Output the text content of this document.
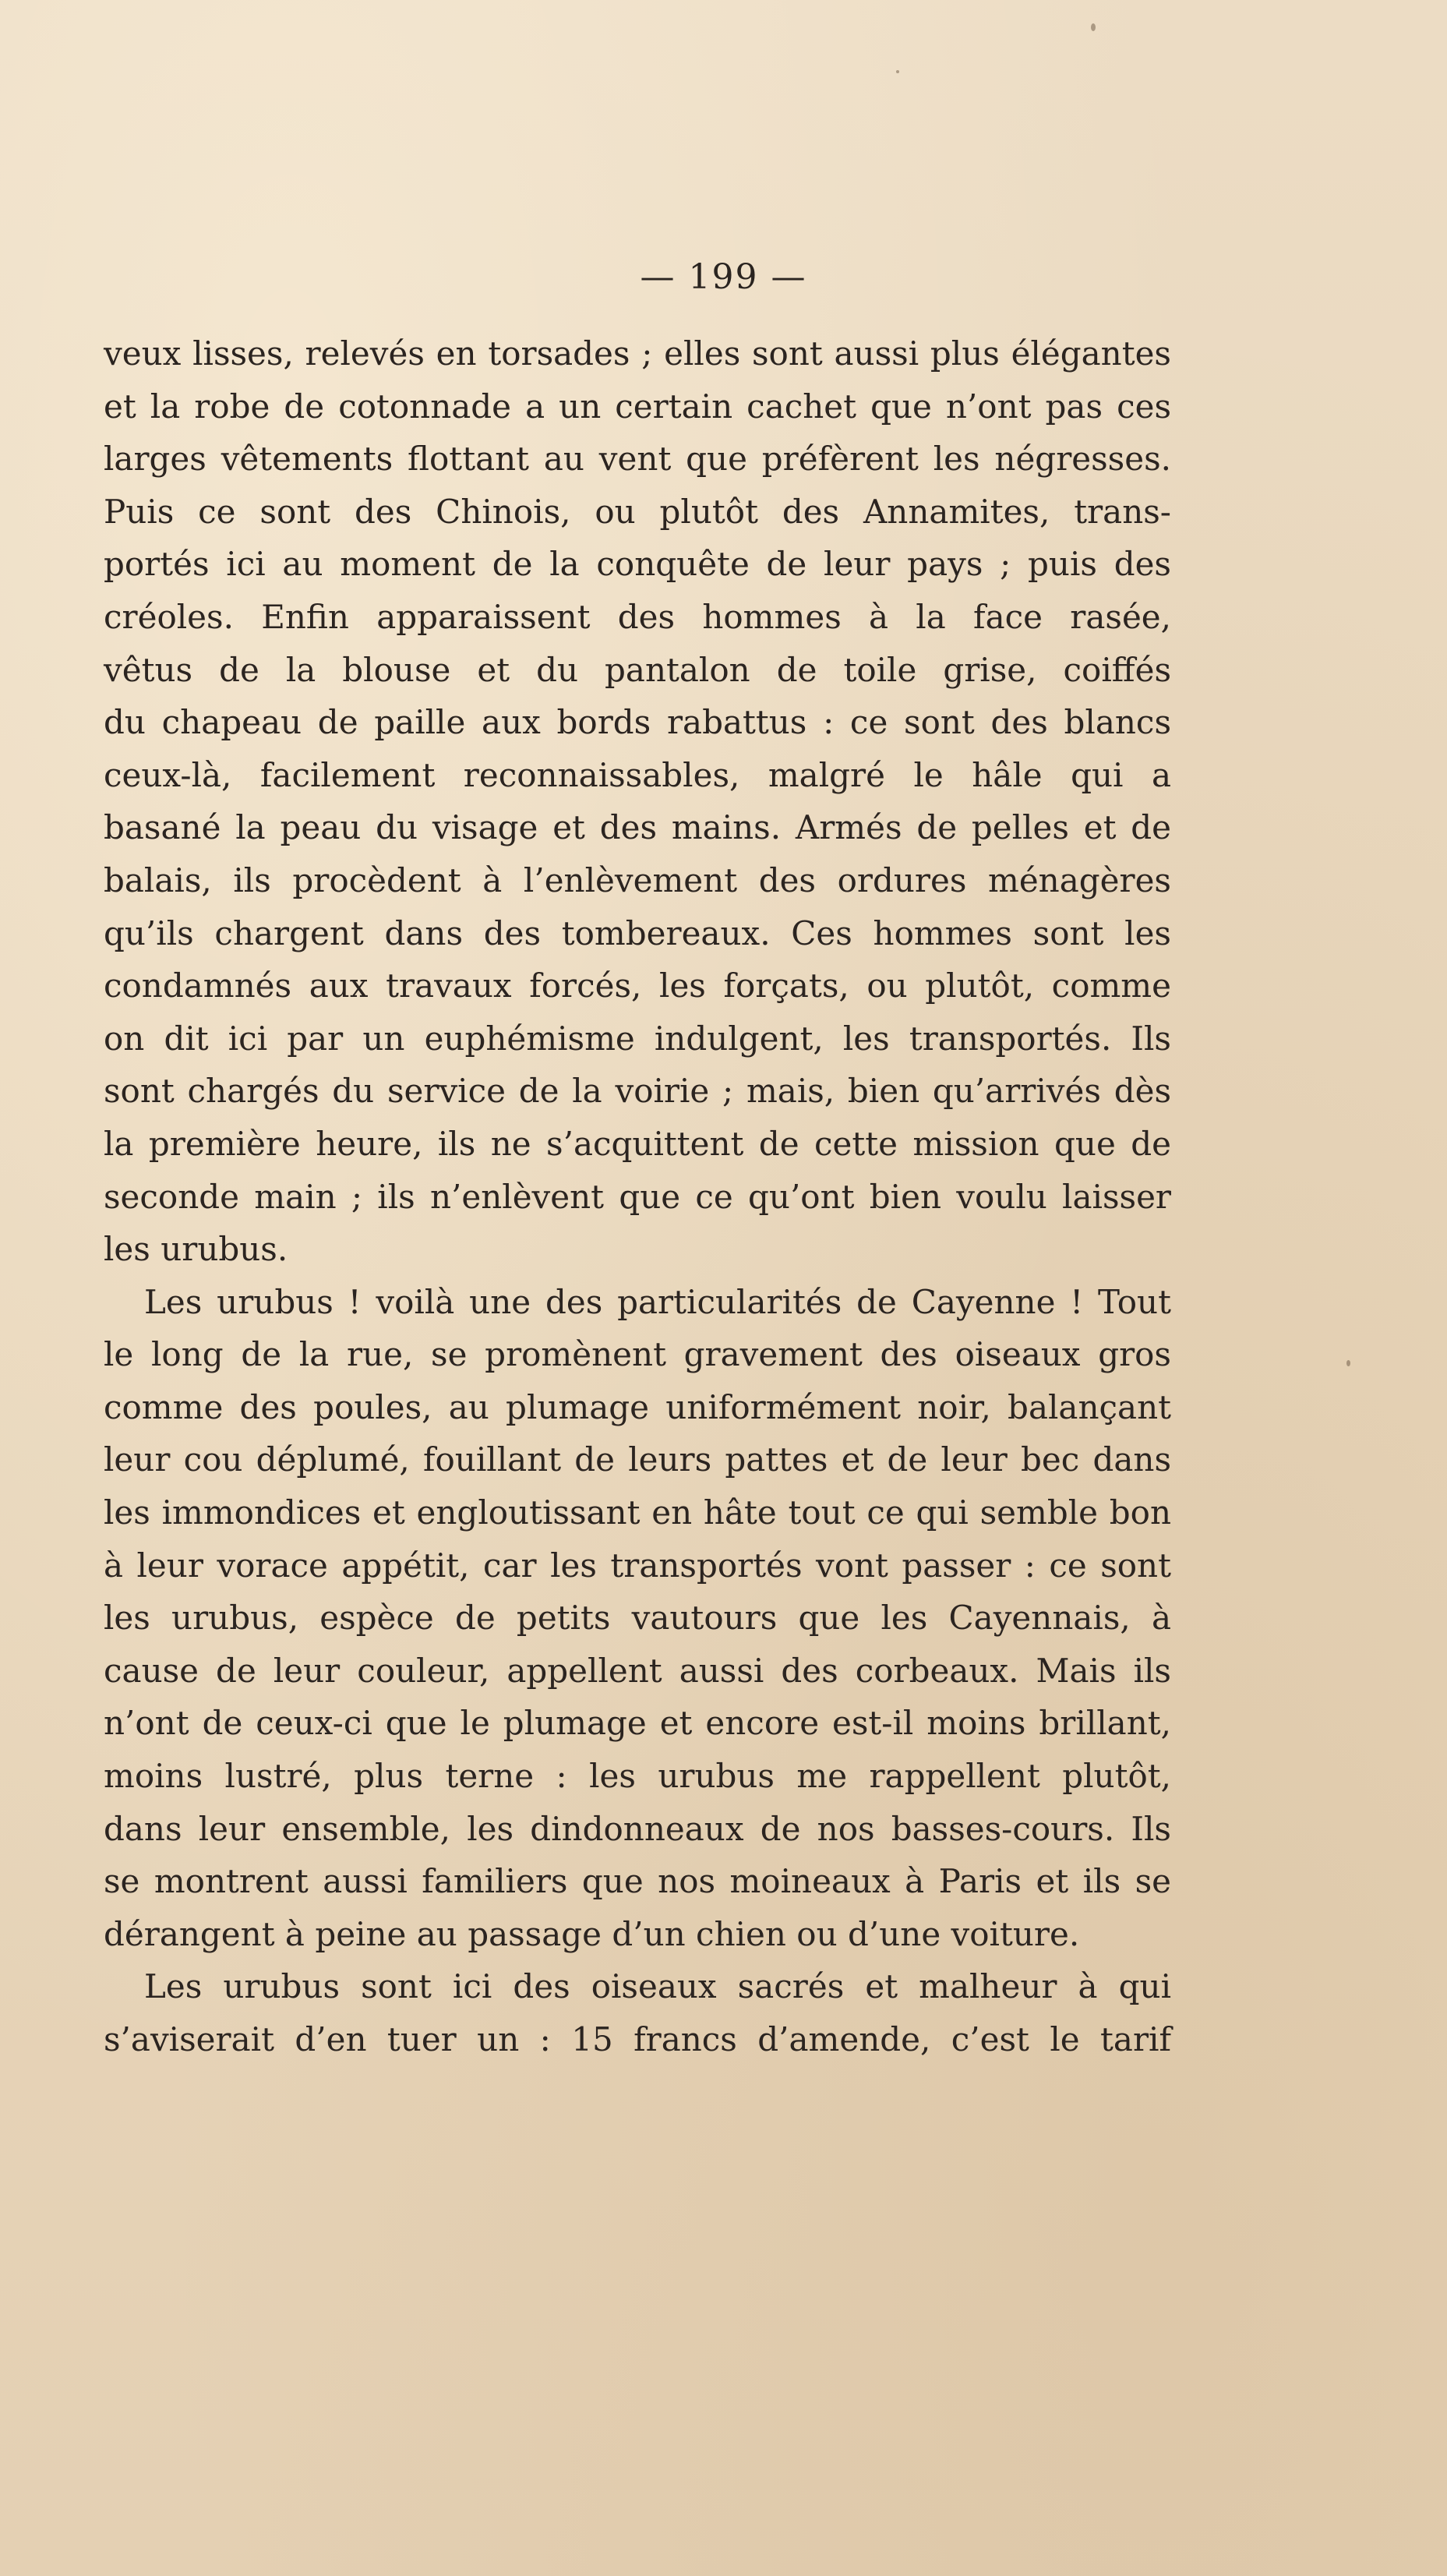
— 199 —
veux lisses, relevés en torsades ; elles sont aussi plus élégantes
et la robe de cotonnade a un certain cachet que n’ont pas ces
larges vêtements flottant au vent que préfèrent les négresses.
Puis ce sont des Chinois, ou plutôt des Annamites, trans-
portés ici au moment de la conquête de leur pays ; puis des
créoles. Enfin apparaissent des hommes à la face rasée,
vêtus de la blouse et du pantalon de toile grise, coiffés
du chapeau de paille aux bords rabattus : ce sont des blancs
ceux-là, facilement reconnaissables, malgré le hâle qui a
basané la peau du visage et des mains. Armés de pelles et de
balais, ils procèdent à l’enlèvement des ordures ménagères
qu’ils chargent dans des tombereaux. Ces hommes sont les
condamnés aux travaux forcés, les forçats, ou plutôt, comme
on dit ici par un euphémisme indulgent, les transportés. Ils
sont chargés du service de la voirie ; mais, bien qu’arrivés dès
la première heure, ils ne s’acquittent de cette mission que de
seconde main ; ils n’enlèvent que ce qu’ont bien voulu laisser
les urubus.
Les urubus ! voilà une des particularités de Cayenne ! Tout
le long de la rue, se promènent gravement des oiseaux gros
comme des poules, au plumage uniformément noir, balançant
leur cou déplumé, fouillant de leurs pattes et de leur bec dans
les immondices et engloutissant en hâte tout ce qui semble bon
à leur vorace appétit, car les transportés vont passer : ce sont
les urubus, espèce de petits vautours que les Cayennais, à
cause de leur couleur, appellent aussi des corbeaux. Mais ils
n’ont de ceux-ci que le plumage et encore est-il moins brillant,
moins lustré, plus terne : les urubus me rappellent plutôt,
dans leur ensemble, les dindonneaux de nos basses-cours. Ils
se montrent aussi familiers que nos moineaux à Paris et ils se
dérangent à peine au passage d’un chien ou d’une voiture.
Les urubus sont ici des oiseaux sacrés et malheur à qui
s’aviserait d’en tuer un : 15 francs d’amende, c’est le tarif
